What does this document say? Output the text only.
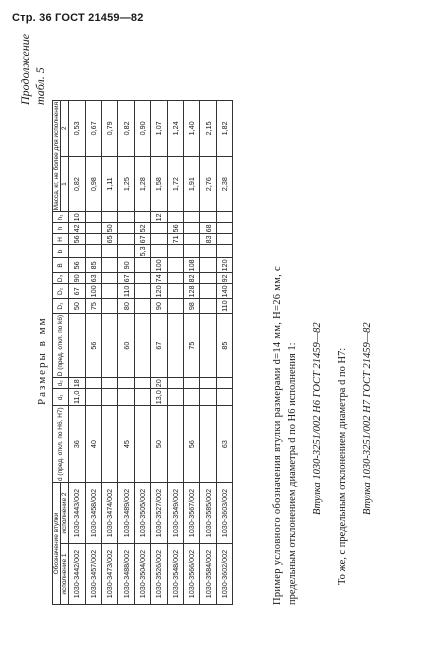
Стр. 36 ГОСТ 21459—82
Продолжение табл. 5
Размеры в мм
Обозначение втулки		d (пред. откл. по H6, H7)	d₁	d₂	D (пред. откл. по k6)	D₁	D₂	D₃	B	b	H	h	h₁	Масса, кг, не более для исполнения	
исполнение 1	исполнение 2													1	2
1030-3442/002	1030-3443/002	36	11,0	18		50	67	90	56		56	42	10	0,82	0,53
1030-3457/002	1030-3458/002	40			56	75	100	63	85					0,98	0,67
1030-3473/002	1030-3474/002										65	50		1,11	0,79
1030-3488/002	1030-3489/002	45			60	80	110	67	90					1,25	0,82
1030-3504/002	1030-3505/002									5,3	67	52		1,28	0,90
1030-3526/002	1030-3527/002	50	13,0	20	67	90	120	74	100				12	1,58	1,07
1030-3548/002	1030-3549/002										71	56		1,72	1,24
1030-3566/002	1030-3567/002	56			75	98	128	82	108					1,91	1,40
1030-3584/002	1030-3585/002										83	68		2,76	2,15
1030-3602/002	1030-3603/002	63			85	110	140	92	120					2,38	1,82
Пример условного обозначения втулки размерами d=14 мм, H=26 мм, с предельным отклонением диаметра d по H6 исполнения 1: Втулка 1030-3251/002 H6 ГОСТ 21459—82 То же, с предельным отклонением диаметра d по H7: Втулка 1030-3251/002 H7 ГОСТ 21459—82
